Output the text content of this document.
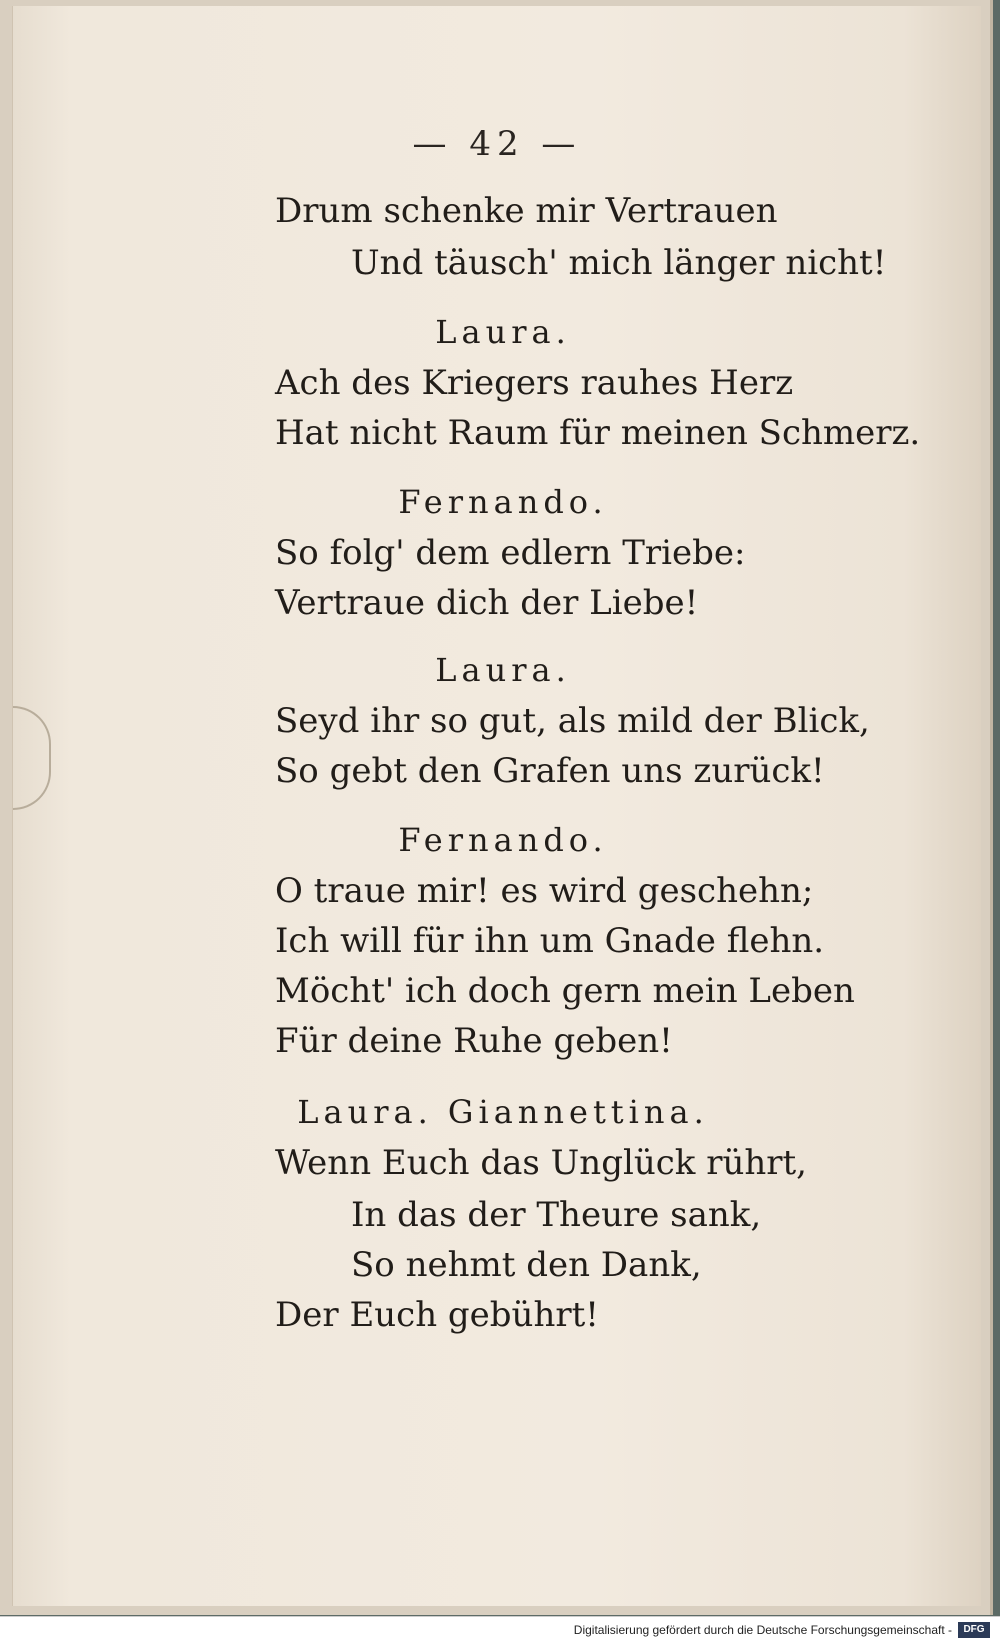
— 42 —
Drum schenke mir Vertrauen
Und täusch' mich länger nicht!
Laura.
Ach des Kriegers rauhes Herz
Hat nicht Raum für meinen Schmerz.
Fernando.
So folg' dem edlern Triebe:
Vertraue dich der Liebe!
Laura.
Seyd ihr so gut, als mild der Blick,
So gebt den Grafen uns zurück!
Fernando.
O traue mir! es wird geschehn;
Ich will für ihn um Gnade flehn.
Möcht' ich doch gern mein Leben
Für deine Ruhe geben!
Laura. Giannettina.
Wenn Euch das Unglück rührt,
In das der Theure sank,
So nehmt den Dank,
Der Euch gebührt!
Digitalisierung gefördert durch die Deutsche Forschungsgemeinschaft -	DFG
